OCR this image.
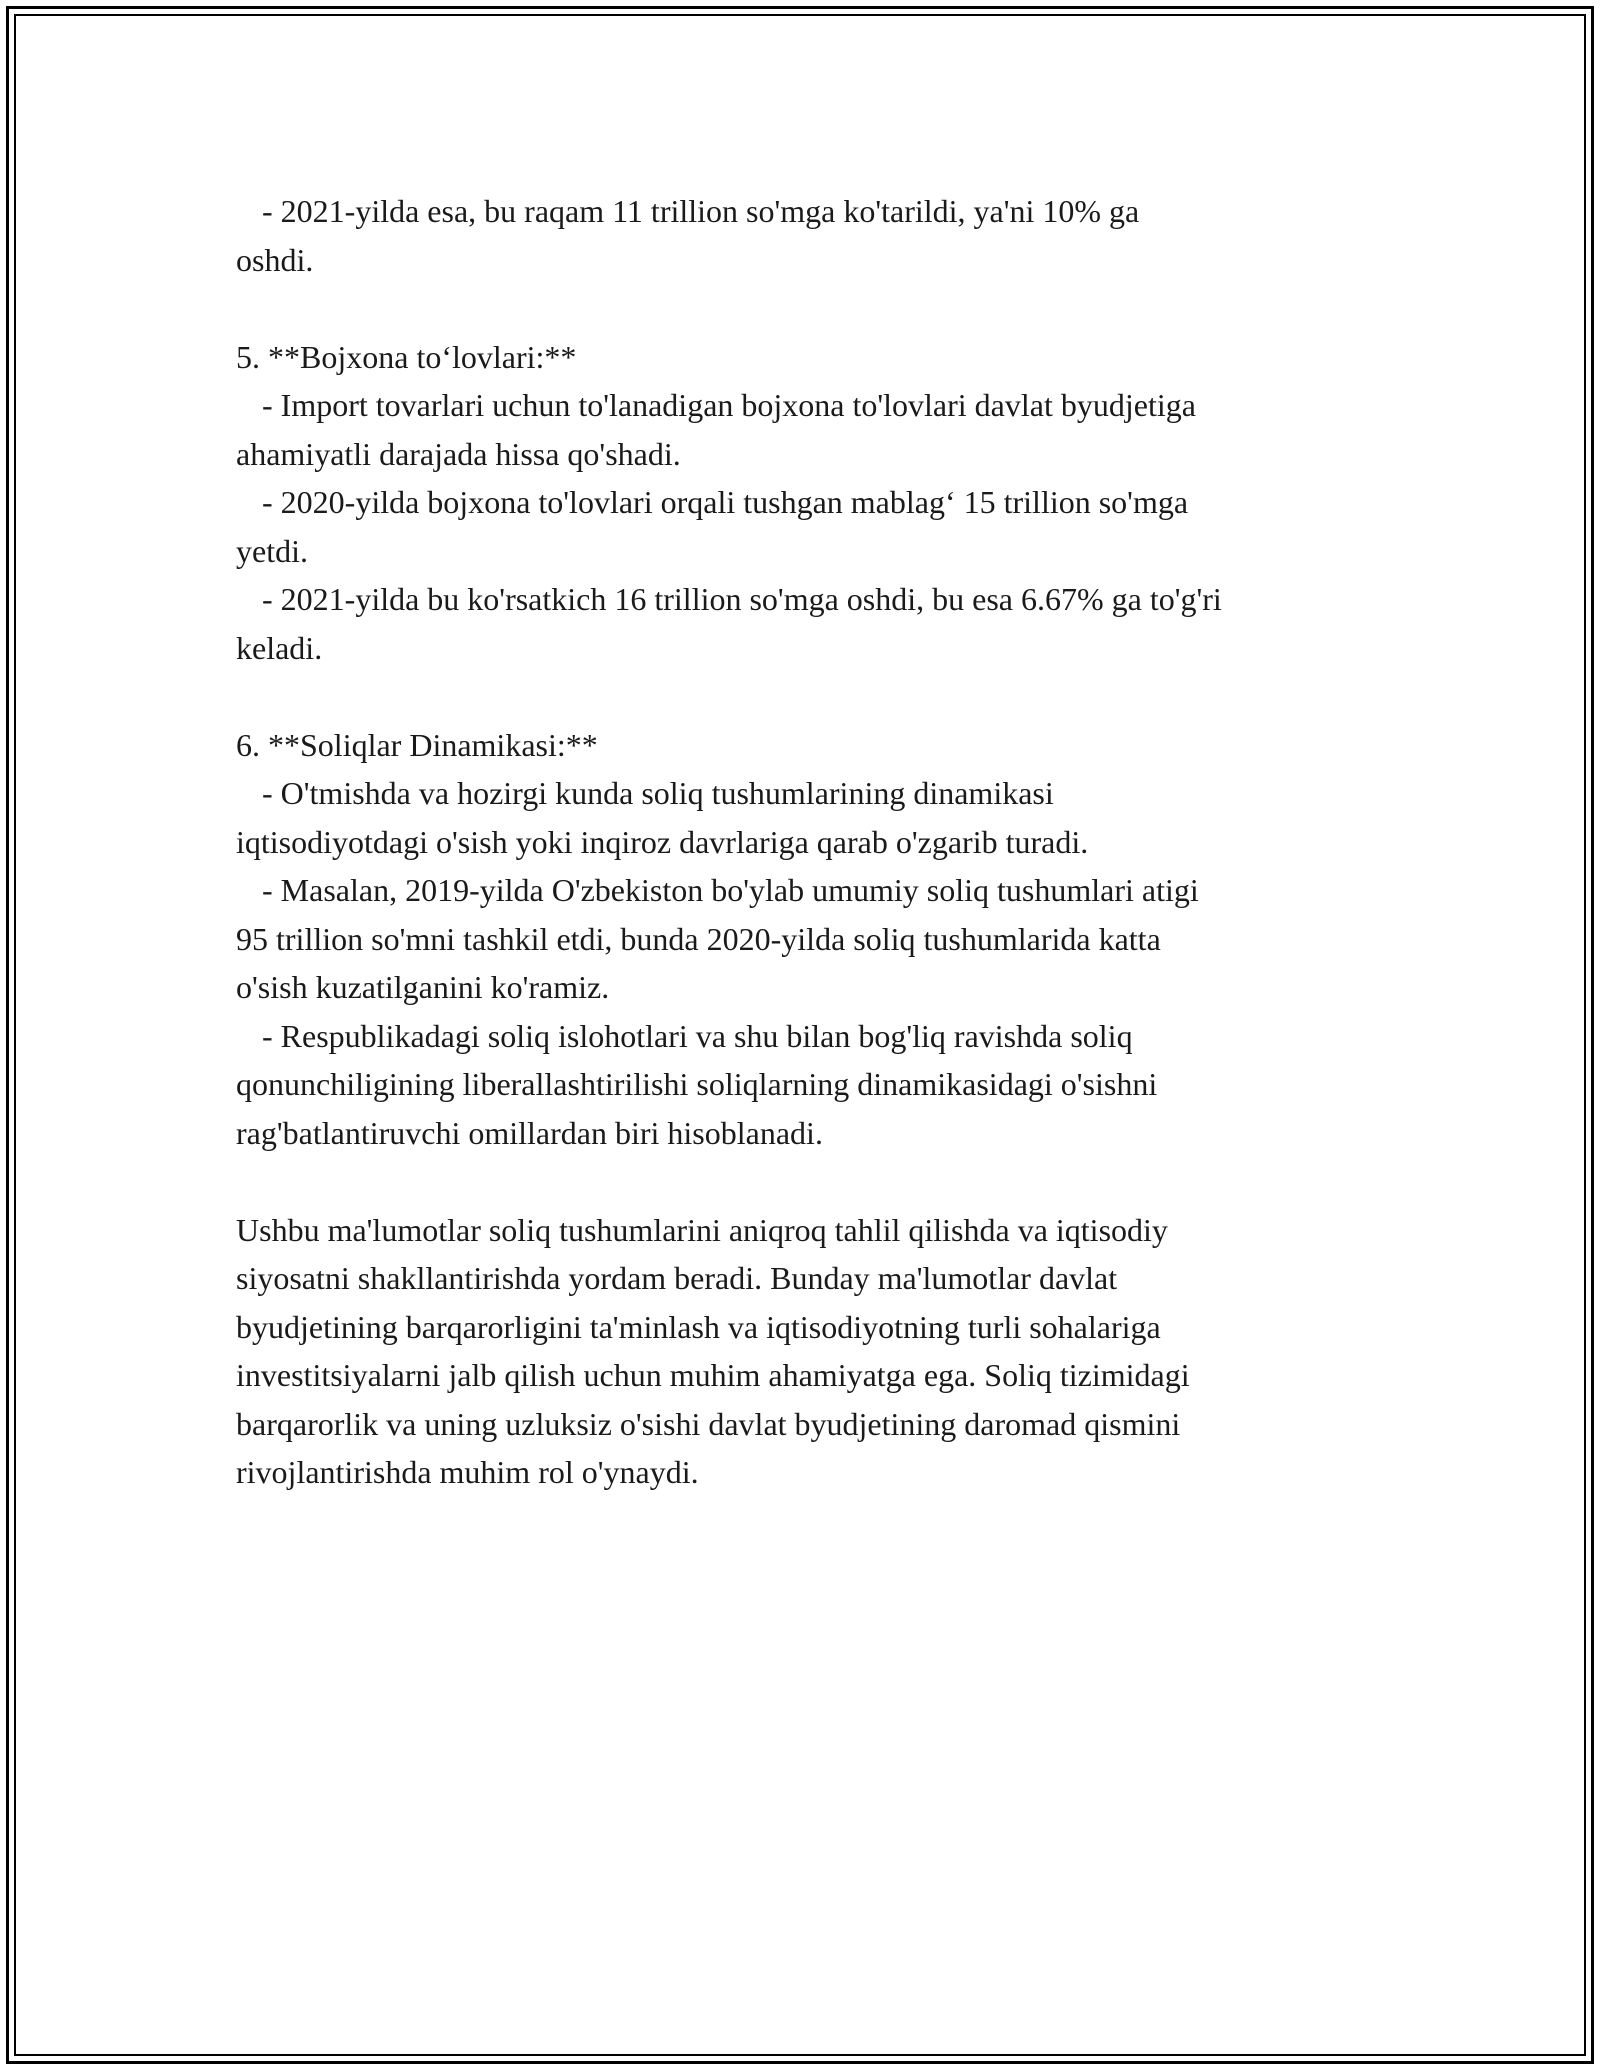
- 2021-yilda esa, bu raqam 11 trillion so'mga ko'tarildi, ya'ni 10% ga
oshdi.
5. **Bojxona to‘lovlari:**
- Import tovarlari uchun to'lanadigan bojxona to'lovlari davlat byudjetiga
ahamiyatli darajada hissa qo'shadi.
- 2020-yilda bojxona to'lovlari orqali tushgan mablag‘ 15 trillion so'mga
yetdi.
- 2021-yilda bu ko'rsatkich 16 trillion so'mga oshdi, bu esa 6.67% ga to'g'ri
keladi.
6. **Soliqlar Dinamikasi:**
- O'tmishda va hozirgi kunda soliq tushumlarining dinamikasi
iqtisodiyotdagi o'sish yoki inqiroz davrlariga qarab o'zgarib turadi.
- Masalan, 2019-yilda O'zbekiston bo'ylab umumiy soliq tushumlari atigi
95 trillion so'mni tashkil etdi, bunda 2020-yilda soliq tushumlarida katta
o'sish kuzatilganini ko'ramiz.
- Respublikadagi soliq islohotlari va shu bilan bog'liq ravishda soliq
qonunchiligining liberallashtirilishi soliqlarning dinamikasidagi o'sishni
rag'batlantiruvchi omillardan biri hisoblanadi.
Ushbu ma'lumotlar soliq tushumlarini aniqroq tahlil qilishda va iqtisodiy
siyosatni shakllantirishda yordam beradi. Bunday ma'lumotlar davlat
byudjetining barqarorligini ta'minlash va iqtisodiyotning turli sohalariga
investitsiyalarni jalb qilish uchun muhim ahamiyatga ega. Soliq tizimidagi
barqarorlik va uning uzluksiz o'sishi davlat byudjetining daromad qismini
rivojlantirishda muhim rol o'ynaydi.
